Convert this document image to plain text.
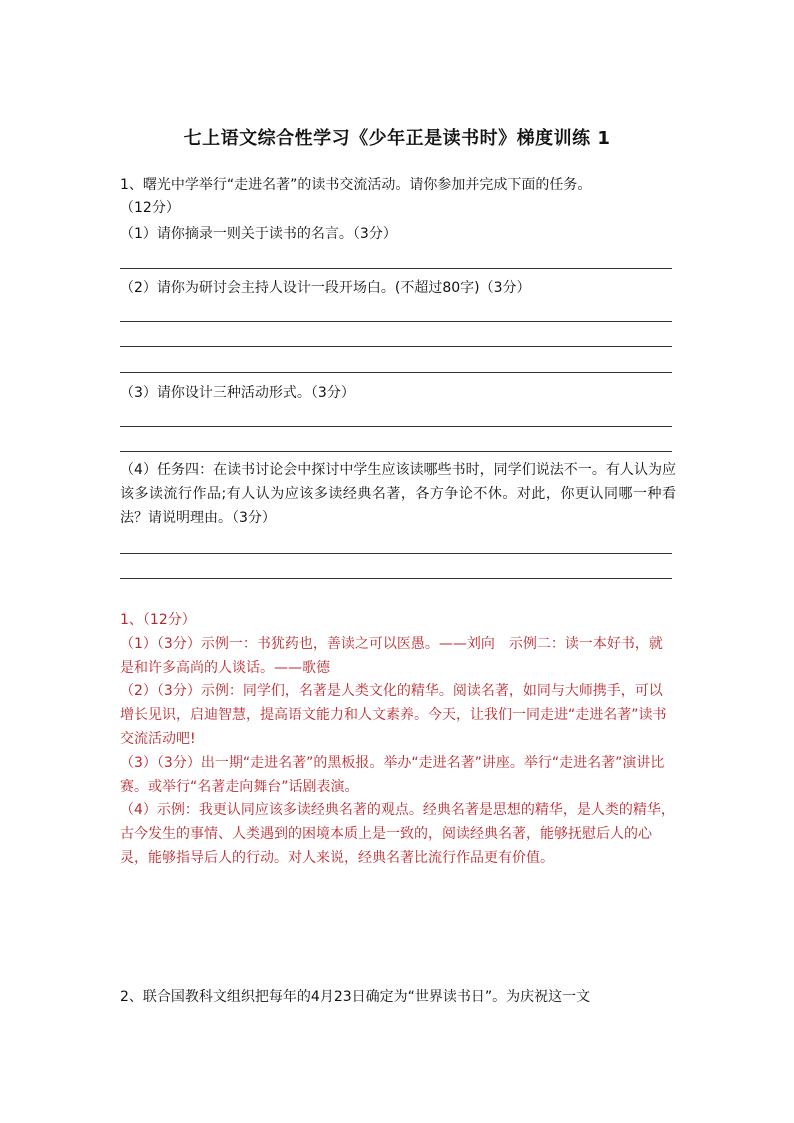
七上语文综合性学习《少年正是读书时》梯度训练 1
1、曙光中学举行“走进名著”的读书交流活动。请你参加并完成下面的任务。
（12分）
（1）请你摘录一则关于读书的名言。（3分）
（2）请你为研讨会主持人设计一段开场白。(不超过80字)（3分）
（3）请你设计三种活动形式。（3分）
（4）任务四：在读书讨论会中探讨中学生应该读哪些书时，同学们说法不一。有人认为应该多读流行作品;有人认为应该多读经典名著，各方争论不休。对此，你更认同哪一种看法？请说明理由。（3分）

1、（12分）

（1）（3分）示例一：书犹药也，善读之可以医愚。——刘向　示例二：读一本好书，就是和许多高尚的人谈话。——歌德

（2）（3分）示例：同学们，名著是人类文化的精华。阅读名著，如同与大师携手，可以增长见识，启迪智慧，提高语文能力和人文素养。今天，让我们一同走进“走进名著”读书交流活动吧!

（3）（3分）出一期“走进名著”的黑板报。举办“走进名著”讲座。举行“走进名著”演讲比赛。或举行“名著走向舞台”话剧表演。

（4）示例：我更认同应该多读经典名著的观点。经典名著是思想的精华，是人类的精华，古今发生的事情、人类遇到的困境本质上是一致的，阅读经典名著，能够抚慰后人的心灵，能够指导后人的行动。对人来说，经典名著比流行作品更有价值。

2、联合国教科文组织把每年的4月23日确定为“世界读书日”。为庆祝这一文
